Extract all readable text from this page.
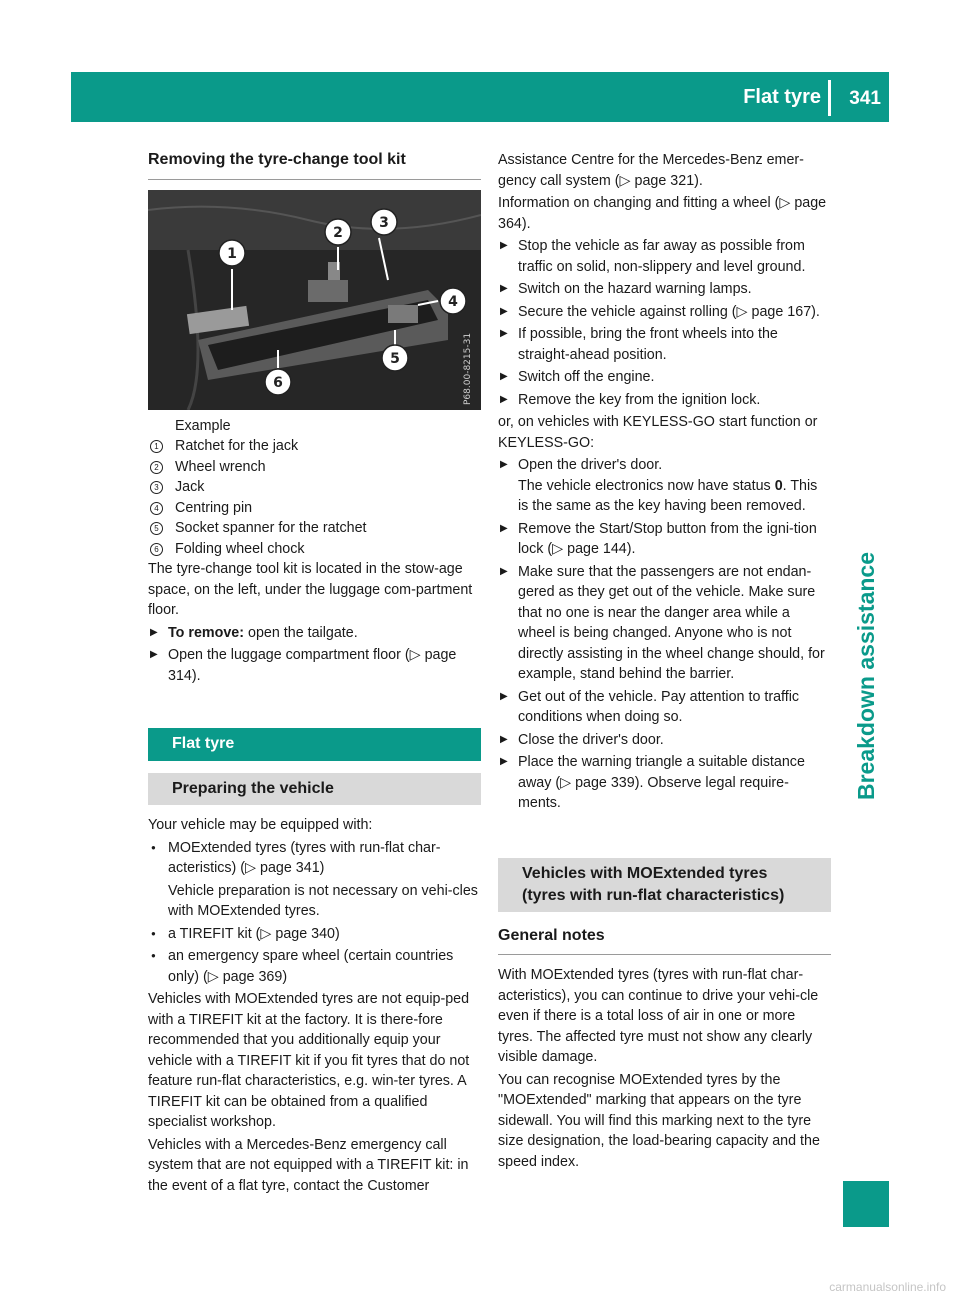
Flat tyre 341
Breakdown assistance
Removing the tyre-change tool kit
1
2
3
4
5
6	P68.00-8215-31
Example
1 Ratchet for the jack
2 Wheel wrench
3 Jack
4 Centring pin
5 Socket spanner for the ratchet
6 Folding wheel chock

The tyre-change tool kit is located in the stow-age space, on the left, under the luggage com-partment floor.

▶ To remove: open the tailgate.
▶ Open the luggage compartment floor (▷ page 314).
Flat tyre
Preparing the vehicle

Your vehicle may be equipped with:

● MOExtended tyres (tyres with run-flat char-acteristics) (▷ page 341)

Vehicle preparation is not necessary on vehi-cles with MOExtended tyres.

● a TIREFIT kit (▷ page 340)
● an emergency spare wheel (certain countries only) (▷ page 369)

Vehicles with MOExtended tyres are not equip-ped with a TIREFIT kit at the factory. It is there-fore recommended that you additionally equip your vehicle with a TIREFIT kit if you fit tyres that do not feature run-flat characteristics, e.g. win-ter tyres. A TIREFIT kit can be obtained from a qualified specialist workshop.

Vehicles with a Mercedes-Benz emergency call system that are not equipped with a TIREFIT kit: in the event of a flat tyre, contact the Customer

Assistance Centre for the Mercedes-Benz emer-gency call system (▷ page 321).

Information on changing and fitting a wheel (▷ page 364).

▶ Stop the vehicle as far away as possible from traffic on solid, non-slippery and level ground.
▶ Switch on the hazard warning lamps.
▶ Secure the vehicle against rolling (▷ page 167).
▶ If possible, bring the front wheels into the straight-ahead position.
▶ Switch off the engine.
▶ Remove the key from the ignition lock.

or, on vehicles with KEYLESS-GO start function or KEYLESS-GO:

▶ Open the driver's door.
The vehicle electronics now have status 0. This is the same as the key having been removed.
▶ Remove the Start/Stop button from the igni-tion lock (▷ page 144).
▶ Make sure that the passengers are not endan-gered as they get out of the vehicle. Make sure that no one is near the danger area while a wheel is being changed. Anyone who is not directly assisting in the wheel change should, for example, stand behind the barrier.
▶ Get out of the vehicle. Pay attention to traffic conditions when doing so.
▶ Close the driver's door.
▶ Place the warning triangle a suitable distance away (▷ page 339). Observe legal require-ments.
Vehicles with MOExtended tyres
(tyres with run-flat characteristics)
General notes

With MOExtended tyres (tyres with run-flat char-acteristics), you can continue to drive your vehi-cle even if there is a total loss of air in one or more tyres. The affected tyre must not show any clearly visible damage.

You can recognise MOExtended tyres by the "MOExtended" marking that appears on the tyre sidewall. You will find this marking next to the tyre size designation, the load-bearing capacity and the speed index.

carmanualsonline.info
